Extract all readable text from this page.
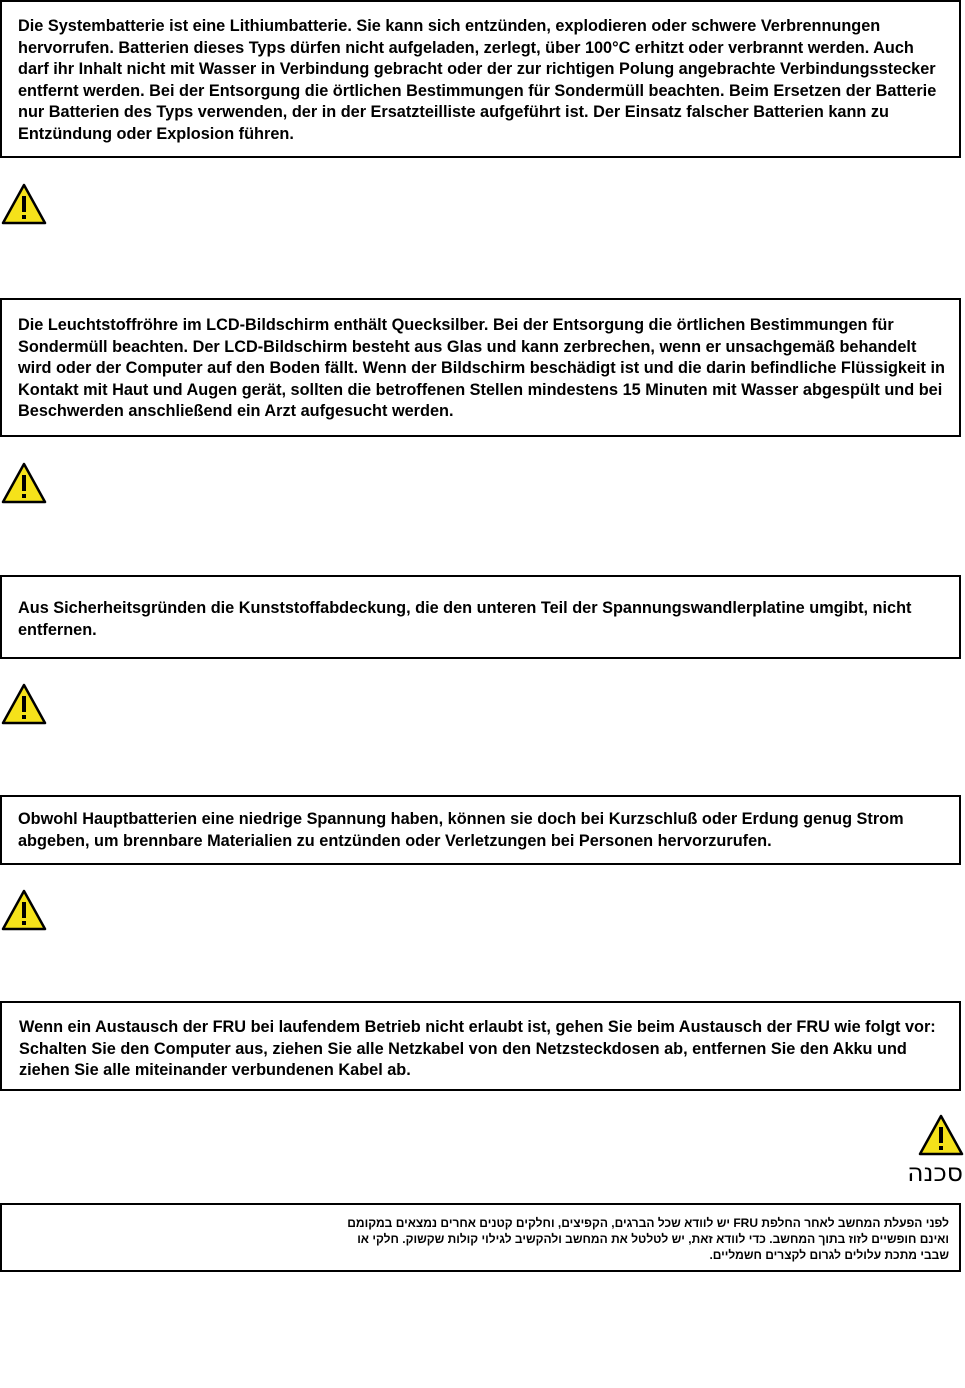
Die Systembatterie ist eine Lithiumbatterie. Sie kann sich entzünden, explodieren oder schwere Verbrennungen hervorrufen. Batterien dieses Typs dürfen nicht aufgeladen, zerlegt, über 100°C erhitzt oder verbrannt werden. Auch darf ihr Inhalt nicht mit Wasser in Verbindung gebracht oder der zur richtigen Polung angebrachte Verbindungsstecker entfernt werden. Bei der Entsorgung die örtlichen Bestimmungen für Sondermüll beachten. Beim Ersetzen der Batterie nur Batterien des Typs verwenden, der in der Ersatzteilliste aufgeführt ist. Der Einsatz falscher Batterien kann zu Entzündung oder Explosion führen.

Die Leuchtstoffröhre im LCD-Bildschirm enthält Quecksilber. Bei der Entsorgung die örtlichen Bestimmungen für Sondermüll beachten. Der LCD-Bildschirm besteht aus Glas und kann zerbrechen, wenn er unsachgemäß behandelt wird oder der Computer auf den Boden fällt. Wenn der Bildschirm beschädigt ist und die darin befindliche Flüssigkeit in Kontakt mit Haut und Augen gerät, sollten die betroffenen Stellen mindestens 15 Minuten mit Wasser abgespült und bei Beschwerden anschließend ein Arzt aufgesucht werden.

Aus Sicherheitsgründen die Kunststoffabdeckung, die den unteren Teil der Spannungswandlerplatine umgibt, nicht entfernen.

Obwohl Hauptbatterien eine niedrige Spannung haben, können sie doch bei Kurzschluß oder Erdung genug Strom abgeben, um brennbare Materialien zu entzünden oder Verletzungen bei Personen hervorzurufen.

Wenn ein Austausch der FRU bei laufendem Betrieb nicht erlaubt ist, gehen Sie beim Austausch der FRU wie folgt vor: Schalten Sie den Computer aus, ziehen Sie alle Netzkabel von den Netzsteckdosen ab, entfernen Sie den Akku und ziehen Sie alle miteinander verbundenen Kabel ab.

סכנה

לפני הפעלת המחשב לאחר החלפת FRU יש לוודא שכל הברגים, הקפיצים, וחלקים קטנים אחרים נמצאים במקומם ואינם חופשיים לזוז בתוך המחשב. כדי לוודא זאת, יש לטלטל את המחשב ולהקשיב לגילוי קולות שקשוק. חלקי או שבבי מתכת עלולים לגרום לקצרים חשמליים.
